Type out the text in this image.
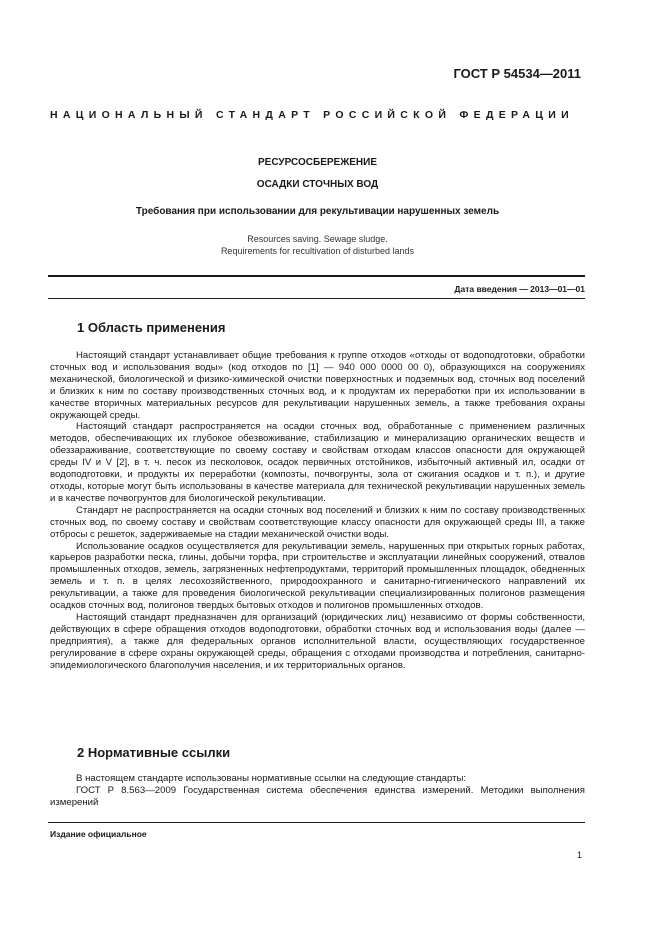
ГОСТ Р 54534—2011
НАЦИОНАЛЬНЫЙ СТАНДАРТ РОССИЙСКОЙ ФЕДЕРАЦИИ
РЕСУРСОСБЕРЕЖЕНИЕ
ОСАДКИ СТОЧНЫХ ВОД
Требования при использовании для рекультивации нарушенных земель
Resources saving. Sewage sludge.
Requirements for recultivation of disturbed lands
Дата введения — 2013—01—01
1 Область применения

Настоящий стандарт устанавливает общие требования к группе отходов «отходы от водоподготовки, обработки сточных вод и использования воды» (код отходов по [1] — 940 000 0000 00 0), образующихся на сооружениях механической, биологической и физико-химической очистки поверхностных и подземных вод, сточных вод поселений и близких к ним по составу производственных сточных вод, и к продуктам их переработки при их использовании в качестве вторичных материальных ресурсов для рекультивации нарушенных земель, а также требования охраны окружающей среды.

Настоящий стандарт распространяется на осадки сточных вод, обработанные с применением различных методов, обеспечивающих их глубокое обезвоживание, стабилизацию и минерализацию органических веществ и обеззараживание, соответствующие по своему составу и свойствам отходам классов опасности для окружающей среды IV и V [2], в т. ч. песок из песколовок, осадок первичных отстойников, избыточный активный ил, осадки от водоподготовки, и продукты их переработки (композты, почвогрунты, зола от сжигания осадков и т. п.), и другие отходы, которые могут быть использованы в качестве материала для технической рекультивации нарушенных земель и в качестве почвогрунтов для биологической рекультивации.

Стандарт не распространяется на осадки сточных вод поселений и близких к ним по составу производственных сточных вод, по своему составу и свойствам соответствующие классу опасности для окружающей среды III, а также отбросы с решеток, задерживаемые на стадии механической очистки воды.

Использование осадков осуществляется для рекультивации земель, нарушенных при открытых горных работах, карьеров разработки песка, глины, добычи торфа, при строительстве и эксплуатации линейных сооружений, отвалов промышленных отходов, земель, загрязненных нефтепродуктами, территорий промышленных площадок, обедненных земель и т. п. в целях лесохозяйственного, природоохранного и санитарно-гигиенического направлений их рекультивации, а также для проведения биологической рекультивации специализированных полигонов размещения осадков сточных вод, полигонов твердых бытовых отходов и полигонов промышленных отходов.

Настоящий стандарт предназначен для организаций (юридических лиц) независимо от формы собственности, действующих в сфере обращения отходов водоподготовки, обработки сточных вод и использования воды (далее — предприятия), а также для федеральных органов исполнительной власти, осуществляющих государственное регулирование в сфере охраны окружающей среды, обращения с отходами производства и потребления, санитарно-эпидемиологического благополучия населения, и их территориальных органов.

2 Нормативные ссылки

В настоящем стандарте использованы нормативные ссылки на следующие стандарты:

ГОСТ Р 8.563—2009 Государственная система обеспечения единства измерений. Методики выполнения измерений

Издание официальное
1
